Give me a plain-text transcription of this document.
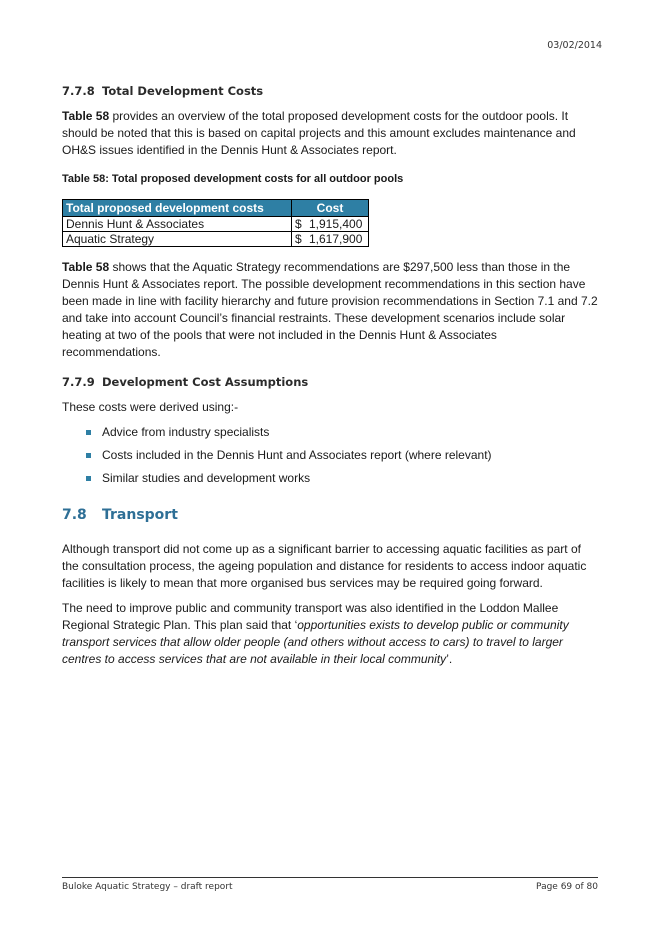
03/02/2014
7.7.8 Total Development Costs

Table 58 provides an overview of the total proposed development costs for the outdoor pools. It should be noted that this is based on capital projects and this amount excludes maintenance and OH&S issues identified in the Dennis Hunt & Associates report.

Table 58: Total proposed development costs for all outdoor pools
Total proposed development costs	Cost
Dennis Hunt & Associates	$ 1,915,400
Aquatic Strategy	$ 1,617,900

Table 58 shows that the Aquatic Strategy recommendations are $297,500 less than those in the Dennis Hunt & Associates report. The possible development recommendations in this section have been made in line with facility hierarchy and future provision recommendations in Section 7.1 and 7.2 and take into account Council’s financial restraints. These development scenarios include solar heating at two of the pools that were not included in the Dennis Hunt & Associates recommendations.

7.7.9 Development Cost Assumptions

These costs were derived using:-

Advice from industry specialists
Costs included in the Dennis Hunt and Associates report (where relevant)
Similar studies and development works
7.8 Transport

Although transport did not come up as a significant barrier to accessing aquatic facilities as part of the consultation process, the ageing population and distance for residents to access indoor aquatic facilities is likely to mean that more organised bus services may be required going forward.

The need to improve public and community transport was also identified in the Loddon Mallee Regional Strategic Plan. This plan said that ‘opportunities exists to develop public or community transport services that allow older people (and others without access to cars) to travel to larger centres to access services that are not available in their local community’.

Buloke Aquatic Strategy – draft report	Page 69 of 80
